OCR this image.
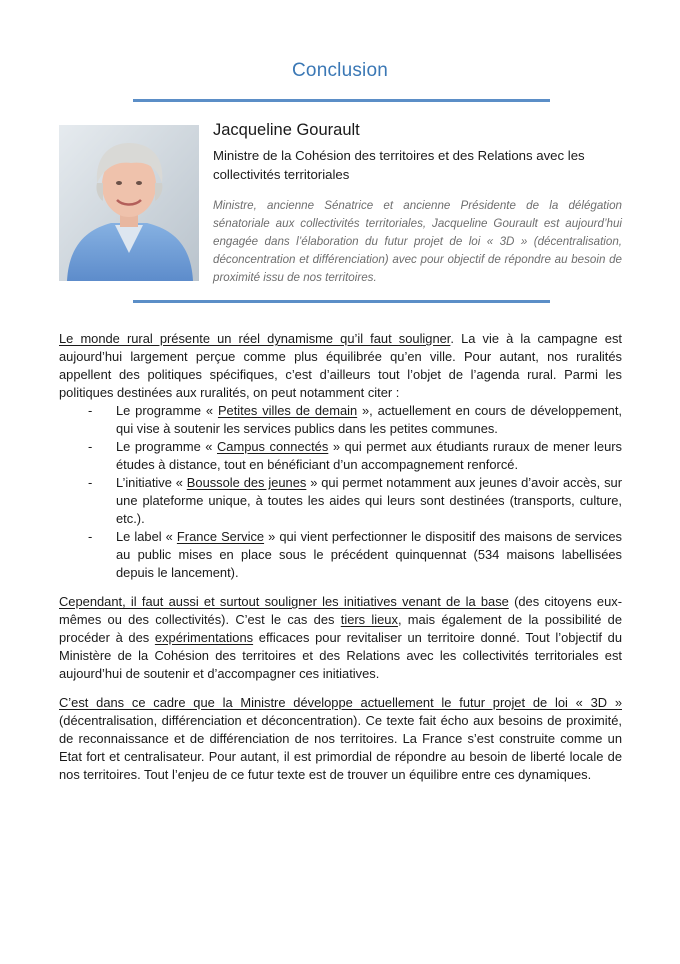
Conclusion
Jacqueline Gourault
Ministre de la Cohésion des territoires et des Relations avec les collectivités territoriales
Ministre, ancienne Sénatrice et ancienne Présidente de la délégation sénatoriale aux collectivités territoriales, Jacqueline Gourault est aujourd’hui engagée dans l’élaboration du futur projet de loi « 3D » (décentralisation, déconcentration et différenciation) avec pour objectif de répondre au besoin de proximité issu de nos territoires.

Le monde rural présente un réel dynamisme qu’il faut souligner. La vie à la campagne est aujourd’hui largement perçue comme plus équilibrée qu’en ville. Pour autant, nos ruralités appellent des politiques spécifiques, c’est d’ailleurs tout l’objet de l’agenda rural. Parmi les politiques destinées aux ruralités, on peut notamment citer :

- Le programme « Petites villes de demain », actuellement en cours de développement, qui vise à soutenir les services publics dans les petites communes.
- Le programme « Campus connectés » qui permet aux étudiants ruraux de mener leurs études à distance, tout en bénéficiant d’un accompagnement renforcé.
- L’initiative « Boussole des jeunes » qui permet notamment aux jeunes d’avoir accès, sur une plateforme unique, à toutes les aides qui leurs sont destinées (transports, culture, etc.).
- Le label « France Service » qui vient perfectionner le dispositif des maisons de services au public mises en place sous le précédent quinquennat (534 maisons labellisées depuis le lancement).

Cependant, il faut aussi et surtout souligner les initiatives venant de la base (des citoyens eux-mêmes ou des collectivités). C’est le cas des tiers lieux, mais également de la possibilité de procéder à des expérimentations efficaces pour revitaliser un territoire donné. Tout l’objectif du Ministère de la Cohésion des territoires et des Relations avec les collectivités territoriales est aujourd’hui de soutenir et d’accompagner ces initiatives.

C’est dans ce cadre que la Ministre développe actuellement le futur projet de loi « 3D » (décentralisation, différenciation et déconcentration). Ce texte fait écho aux besoins de proximité, de reconnaissance et de différenciation de nos territoires. La France s’est construite comme un Etat fort et centralisateur. Pour autant, il est primordial de répondre au besoin de liberté locale de nos territoires. Tout l’enjeu de ce futur texte est de trouver un équilibre entre ces dynamiques.
